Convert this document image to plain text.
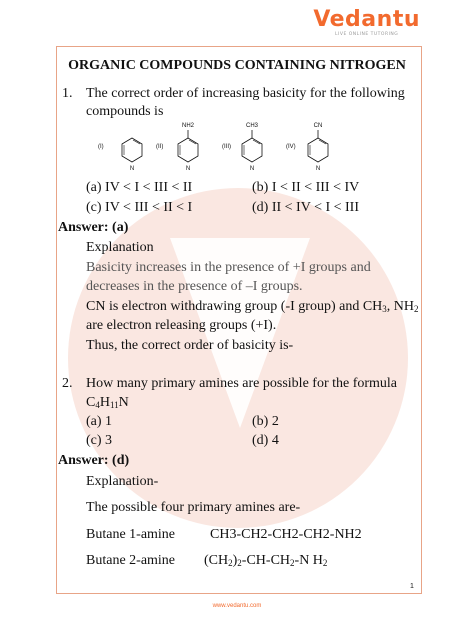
Vedantu
LIVE ONLINE TUTORING
ORGANIC COMPOUNDS CONTAINING NITROGEN
1. The correct order of increasing basicity for the following
compounds is
(I)	(II)	(III)	(IV)
N	N	N	N
NH2	CH3	CN
(a) IV < I < III < II	(b) I < II < III < IV
(c) IV < III < II < I	(d) II < IV < I < III
Answer: (a)
Explanation
Basicity increases in the presence of +I groups and
decreases in the presence of –I groups.
CN is electron withdrawing group (-I group) and $CH_3$, $NH_2$
are electron releasing groups (+I).
Thus, the correct order of basicity is-
2. How many primary amines are possible for the formula
$C_4H_{11}N$
(a) 1	(b) 2
(c) 3	(d) 4
Answer: (d)
Explanation-
The possible four primary amines are-
Butane 1-amine CH3-CH2-CH2-CH2-NH2
Butane 2-amine $(CH_2)_2-CH-CH_2-N$ $H_2$
1
www.vedantu.com
